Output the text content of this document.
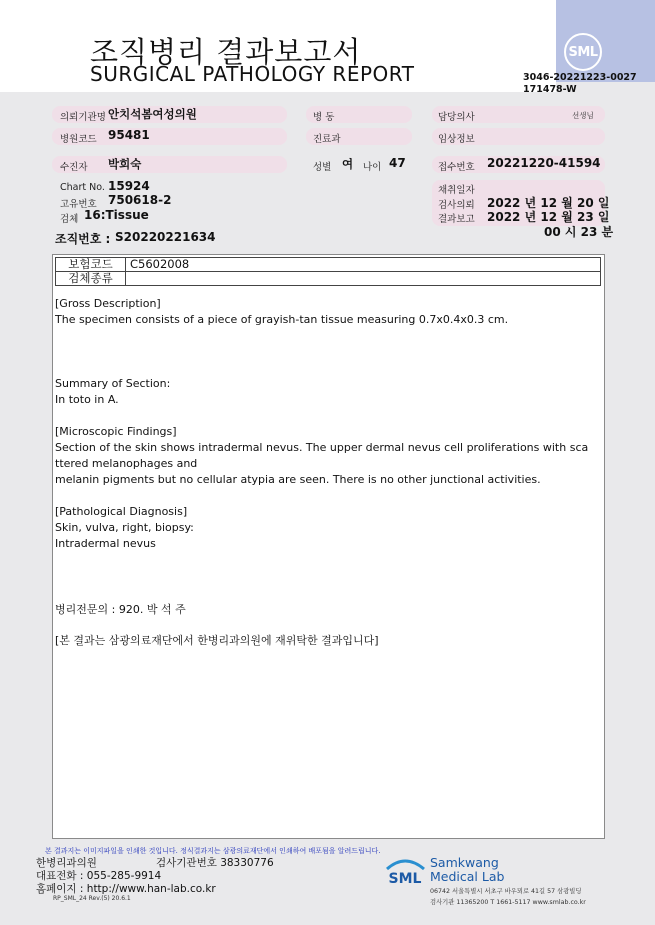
SML
조직병리 결과보고서
SURGICAL PATHOLOGY REPORT	3046-20221223-0027
171478-W
의뢰기관명 안치석봄여성의원	병 동	담당의사	선생님
병원코드 95481	진료과	임상정보
수진자 박희숙	성별 여 나이 47	접수번호 20221220-41594
Chart No. 15924
고유번호 750618-2
검체 16:Tissue
채취일자
검사의뢰 2022 년 12 월 20 일
결과보고 2022 년 12 월 23 일
00 시 23 분
조직번호 : S20220221634
보험코드	C5602008
검체종류	
[Gross Description]
The specimen consists of a piece of grayish-tan tissue measuring 0.7x0.4x0.3 cm.
Summary of Section:
In toto in A.
[Microscopic Findings]
Section of the skin shows intradermal nevus. The upper dermal nevus cell proliferations with sca
ttered melanophages and
melanin pigments but no cellular atypia are seen. There is no other junctional activities.
[Pathological Diagnosis]
Skin, vulva, right, biopsy:
Intradermal nevus
병리전문의 : 920. 박 석 주
[본 결과는 삼광의료재단에서 한병리과의원에 재위탁한 결과입니다]
본 결과지는 이미지파일을 인쇄한 것입니다. 정식결과지는 삼광의료재단에서 인쇄하여 배포됨을 알려드립니다.
한병리과의원	검사기관번호 38330776
대표전화 : 055-285-9914
홈페이지 : http://www.han-lab.co.kr
RP_SML_24 Rev.(5) 20.6.1
SML
Samkwang
Medical Lab
06742 서울특별시 서초구 바우뫼로 41길 57 삼광빌딩
검사기관 11365200 T 1661-5117 www.smlab.co.kr
